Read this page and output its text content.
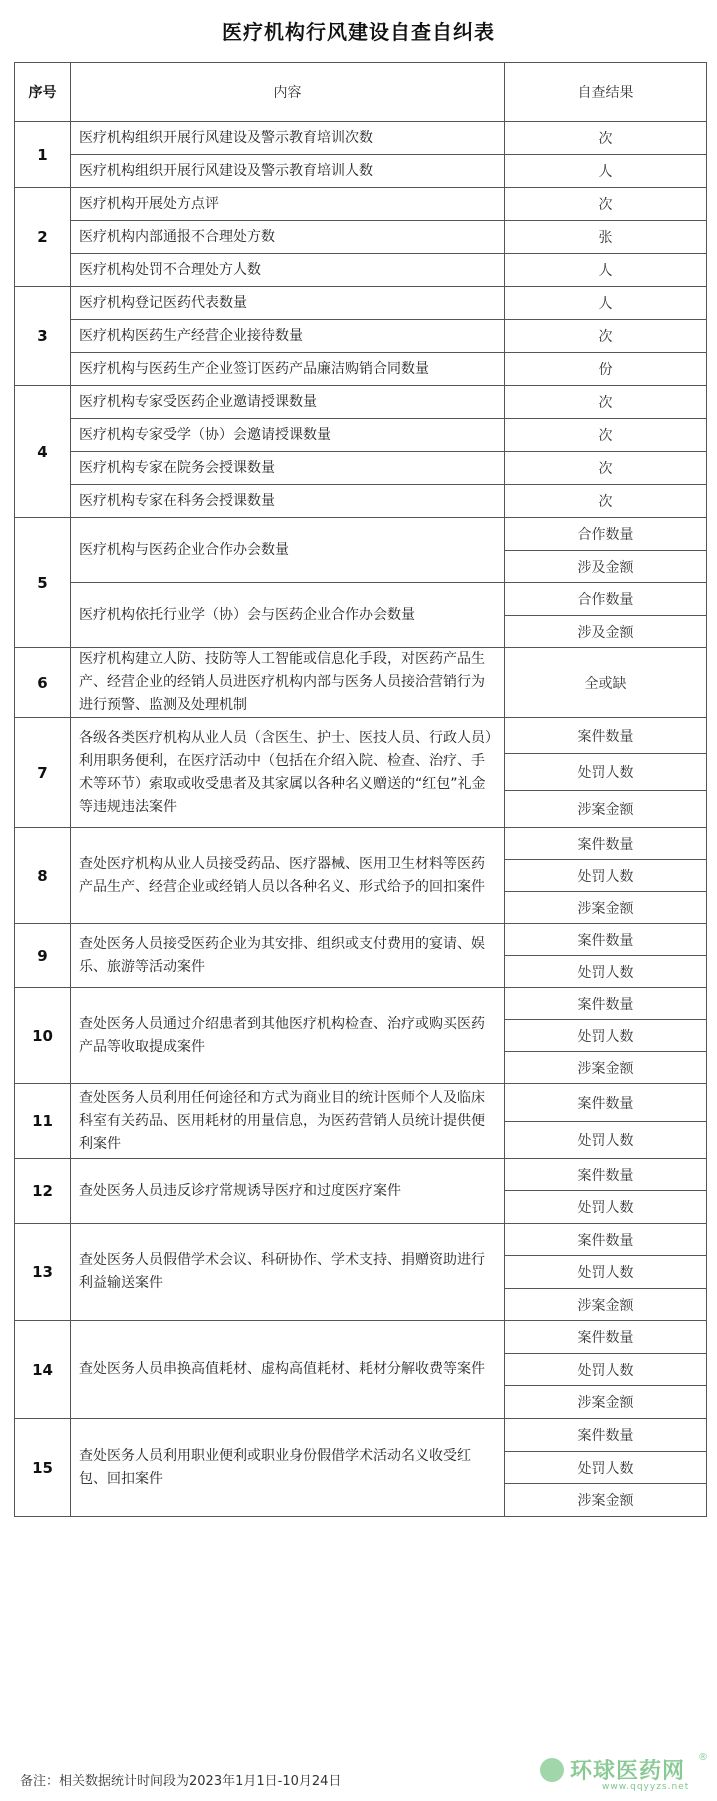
医疗机构行风建设自查自纠表
序号	内容	自查结果
1	医疗机构组织开展行风建设及警示教育培训次数	次
	医疗机构组织开展行风建设及警示教育培训人数	人
2	医疗机构开展处方点评	次
	医疗机构内部通报不合理处方数	张
	医疗机构处罚不合理处方人数	人
3	医疗机构登记医药代表数量	人
	医疗机构医药生产经营企业接待数量	次
	医疗机构与医药生产企业签订医药产品廉洁购销合同数量	份
4	医疗机构专家受医药企业邀请授课数量	次
	医疗机构专家受学（协）会邀请授课数量	次
	医疗机构专家在院务会授课数量	次
	医疗机构专家在科务会授课数量	次
5	医疗机构与医药企业合作办会数量	合作数量
		涉及金额
	医疗机构依托行业学（协）会与医药企业合作办会数量	合作数量
		涉及金额
6	医疗机构建立人防、技防等人工智能或信息化手段，对医药产品生产、经营企业的经销人员进医疗机构内部与医务人员接洽营销行为进行预警、监测及处理机制	全或缺
7	各级各类医疗机构从业人员（含医生、护士、医技人员、行政人员）利用职务便利，在医疗活动中（包括在介绍入院、检查、治疗、手术等环节）索取或收受患者及其家属以各种名义赠送的“红包”礼金等违规违法案件	案件数量
		处罚人数
		涉案金额
8	查处医疗机构从业人员接受药品、医疗器械、医用卫生材料等医药产品生产、经营企业或经销人员以各种名义、形式给予的回扣案件	案件数量
		处罚人数
		涉案金额
9	查处医务人员接受医药企业为其安排、组织或支付费用的宴请、娱乐、旅游等活动案件	案件数量
		处罚人数
10	查处医务人员通过介绍患者到其他医疗机构检查、治疗或购买医药产品等收取提成案件	案件数量
		处罚人数
		涉案金额
11	查处医务人员利用任何途径和方式为商业目的统计医师个人及临床科室有关药品、医用耗材的用量信息，为医药营销人员统计提供便利案件	案件数量
		处罚人数
12	查处医务人员违反诊疗常规诱导医疗和过度医疗案件	案件数量
		处罚人数
13	查处医务人员假借学术会议、科研协作、学术支持、捐赠资助进行利益输送案件	案件数量
		处罚人数
		涉案金额
14	查处医务人员串换高值耗材、虚构高值耗材、耗材分解收费等案件	案件数量
		处罚人数
		涉案金额
15	查处医务人员利用职业便利或职业身份假借学术活动名义收受红包、回扣案件	案件数量
		处罚人数
		涉案金额
备注：相关数据统计时间段为2023年1月1日-10月24日	环球医药网
®
www.qqyyzs.net
